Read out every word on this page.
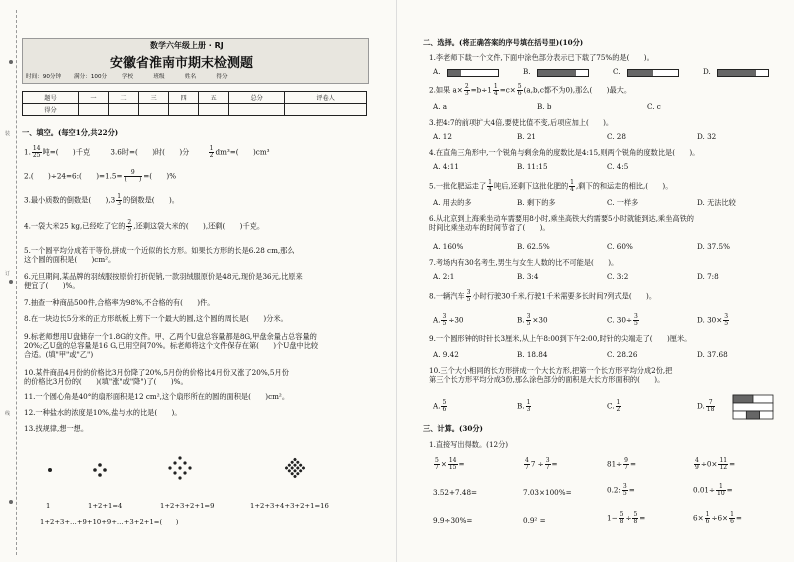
装
订
线
数学六年级上册 · RJ
安徽省淮南市期末检测题
时间：90分钟 　　满分：100分 　　 学校 　　　 班级 　　　 姓名 　　　 得分
题号	一	二	三	四	五	总分	评卷人
得分							
一、填空。(每空1分,共22分)
1. $\frac{14}{25}$ 吨=(　　)千克	3.6时=(　　)时(　　)分	$\frac{1}{2} dm^3=$(　　)cm³
2.(　　)÷24=6:(　　)$=1.5= \frac{9}{( )}$ =(　　)%
3.最小质数的倒数是(　　)$,3 \frac{1}{3}$ 的倒数是(　　)。
4.一袋大米25 kg,已经吃了它的 $\frac{2}{5}$ ,还剩这袋大米的(　　),还剩(　　)千克。
5.一个圆平均分成若干等份,拼成一个近似的长方形。如果长方形的长是6.28 cm,那么
这个圆的面积是(　　)cm²。
6.元旦期间,某品牌的羽绒服按原价打折促销,一款羽绒服原价是48元,现价是36元,比原来
便宜了(　　)%。
7.抽查一种商品500件,合格率为98%,不合格的有(　　)件。
8.在一块边长5分米的正方形纸板上剪下一个最大的圆,这个圆的周长是(　　)分米。
9.标老师想用U盘储存一个1.8G的文件。甲、乙两个U盘总容量都是8G,甲盘余量占总容量的
20%;乙U盘的总容量是16 G,已用空间70%。标老师将这个文件保存在第(　　)个U盘中比较
合适。(填"甲"或"乙")
10.某件商品4月份的价格比3月份降了20%,5月份的价格比4月份又涨了20%,5月份
的价格比3月份的(　　)(填"涨"或"降")了(　　)%。
11.一个圆心角是40°的扇形面积是12 cm²,这个扇形所在的圆的面积是(　　)cm²。
12.一种盐水的浓度是10%,盐与水的比是(　　)。
13.找规律,想一想。
1	1+2+1=4	1+2+3+2+1=9	1+2+3+4+3+2+1=16
1+2+3+…+9+10+9+…+3+2+1=(　　)
二、选择。(将正确答案的序号填在括号里)(10分)
1.李老师下载一个文件,下面中涂色部分表示已下载了75%的是(　　)。
A.	B.	C.	D.
2.如果 $a\times \frac{2}{3} =b\div 1 \frac{1}{4} =c\times \frac{5}{6} (a,b,c$都不为0),那么(　　)最大。
A. a	B. b	C. c
3.把4:7的前项扩大4倍,要使比值不变,后项应加上(　　)。
A. 12	B. 21	C. 28	D. 32
4.在直角三角形中,一个锐角与剩余角的度数比是4:15,则两个锐角的度数比是(　　)。
A. 4:11	B. 11:15	C. 4:5
5.一批化肥运走了 $\frac{1}{4}$ 吨后,还剩下这批化肥的 $\frac{1}{4}$ ,剩下的和运走的相比,(　　)。
A. 用去的多	B. 剩下的多	C. 一样多	D. 无法比较
6.从北京到上海乘坐动车需要用8小时,乘坐高铁大约需要5小时就能到达,乘坐高铁的
时间比乘坐动车的时间节省了(　　)。
A. 160%	B. 62.5%	C. 60%	D. 37.5%
7.考场内有30名考生,男生与女生人数的比不可能是(　　)。
A. 2:1	B. 3:4	C. 3:2	D. 7:8
8.一辆汽车 $\frac{3}{5}$ 小时行驶30千米,行驶1千米需要多长时间?列式是(　　)。
A. $\frac{3}{5} \div 30$	B. $\frac{3}{5} \times 30$	C. $30\div \frac{3}{5}$	D. $30\times \frac{3}{5}$
9.一个圆形钟的时针长3厘米,从上午8:00到下午2:00,时针的尖端走了(　　)厘米。
A. 9.42	B. 18.84	C. 28.26	D. 37.68
10.三个大小相同的长方形拼成一个大长方形,把第一个长方形平均分成2份,把
第三个长方形平均分成3份,那么涂色部分的面积是大长方形面积的(　　)。
A. $\frac{5}{6}$	B. $\frac{1}{3}$	C. $\frac{1}{2}$	D. $\frac{7}{18}$
三、计算。(30分)
1.直接写出得数。(12分)
$\frac{5}{7} \times \frac{14}{15}$ =	$\frac{4}{7} 7 \div \frac{3}{7}$ =	$81\div \frac{9}{7}$ =	$\frac{4}{9} \div 0\times \frac{11}{12}$ =
3.52+7.48=	7.03×100%=	0.2: $\frac{3}{5}$ =	$0.01\div \frac{1}{10}$ =
9.9÷30%=	0.9² =	$1- \frac{5}{8} \div \frac{5}{8}$ =	$6\times \frac{1}{6} \div 6\times \frac{1}{6}$ =
